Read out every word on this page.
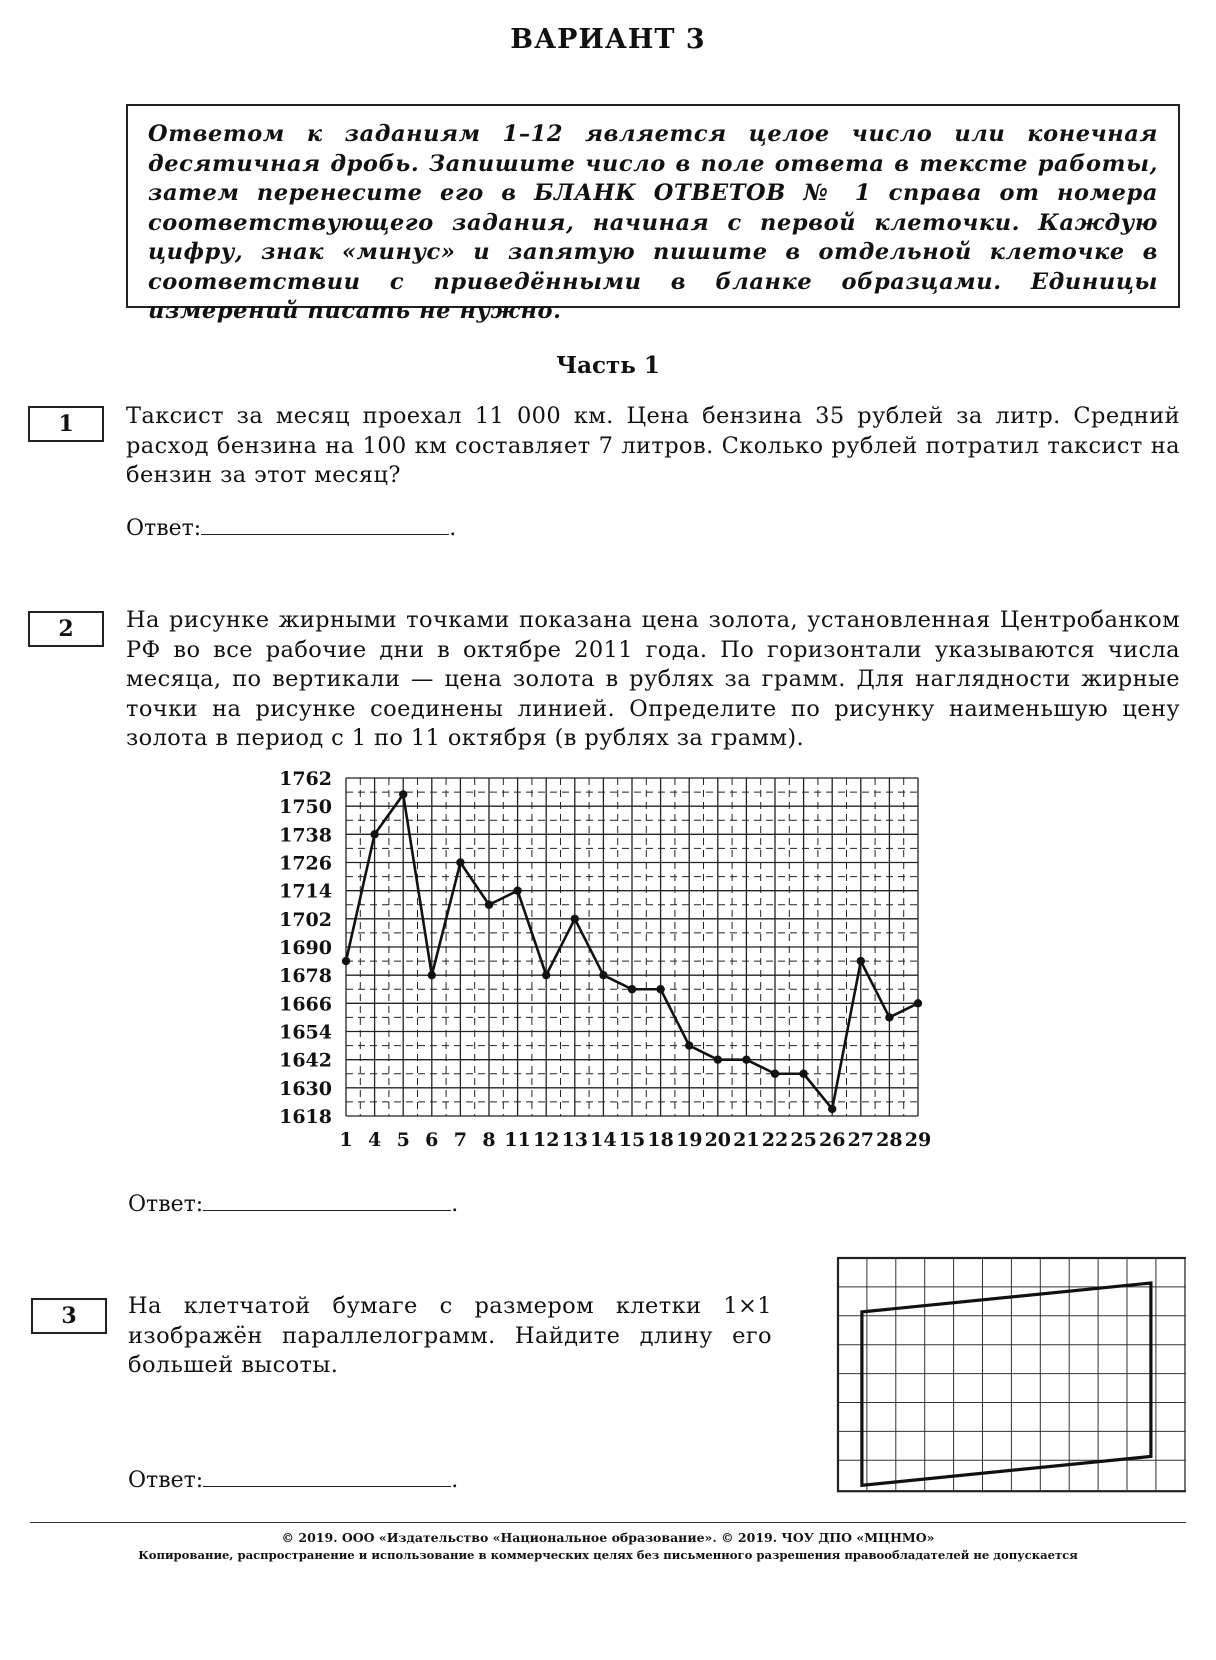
ВАРИАНТ 3

Ответом к заданиям 1–12 является целое число или конечная десятичная дробь. Запишите число в поле ответа в тексте работы, затем перенесите его в БЛАНК ОТВЕТОВ № 1 справа от номера соответствующего задания, начиная с первой клеточки. Каждую цифру, знак «минус» и запятую пишите в отдельной клеточке в соответствии с приведёнными в бланке образцами. Единицы измерений писать не нужно.

Часть 1
1	Таксист за месяц проехал 11 000 км. Цена бензина 35 рублей за литр. Средний расход бензина на 100 км составляет 7 литров. Сколько рублей потратил таксист на бензин за этот месяц?
Ответ:	.
2	На рисунке жирными точками показана цена золота, установленная Центробанком РФ во все рабочие дни в октябре 2011 года. По горизонтали указываются числа месяца, по вертикали — цена золота в рублях за грамм. Для наглядности жирные точки на рисунке соединены линией. Определите по рисунку наименьшую цену золота в период с 1 по 11 октября (в рублях за грамм).
1618
1630
1642
1654
1666
1678
1690
1702
1714
1726
1738
1750
1762
1 4 5 6 7 8 11 12 13 14 15 18 19 20 21 22 25 26 27 28 29
Ответ:	.
3	На клетчатой бумаге с размером клетки 1×1 изображён параллелограмм. Найдите длину его большей высоты.
Ответ:	.
© 2019. ООО «Издательство «Национальное образование». © 2019. ЧОУ ДПО «МЦНМО»
Копирование, распространение и использование в коммерческих целях без письменного разрешения правообладателей не допускается
